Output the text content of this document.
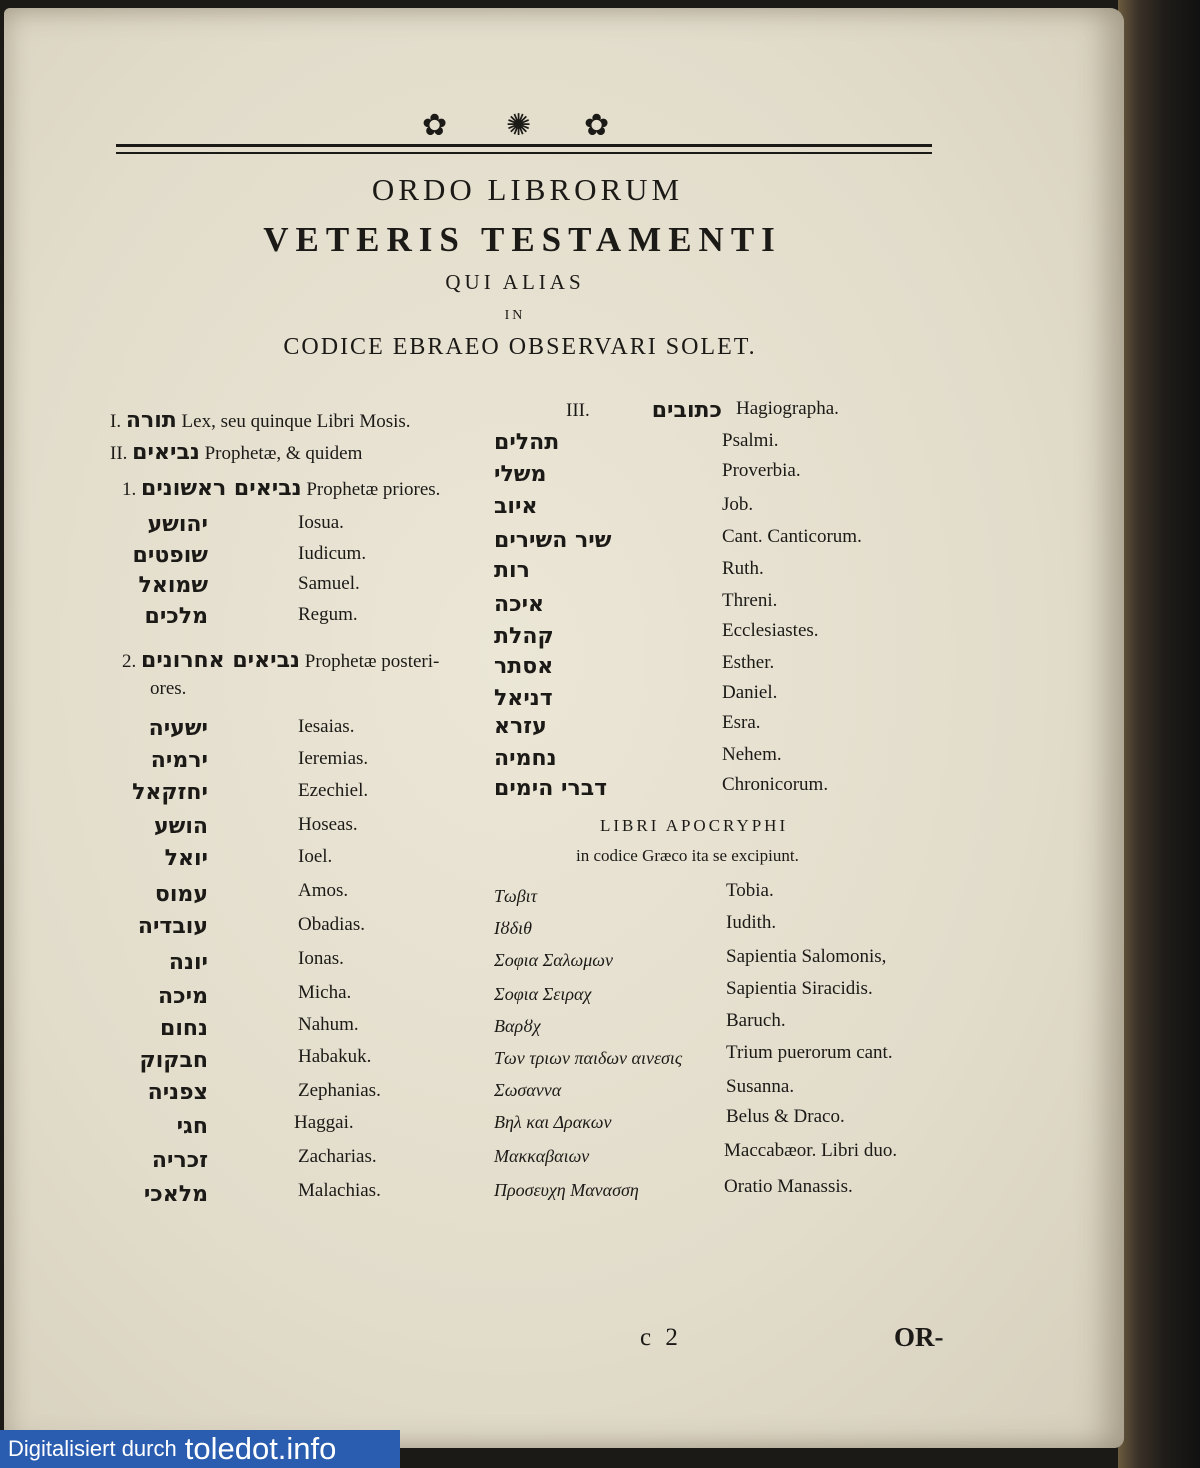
✿ ✺ ✿
ORDO LIBRORUM
VETERIS TESTAMENTI
QUI ALIAS
IN
CODICE EBRAEO OBSERVARI SOLET.
I. תורה Lex, seu quinque Libri Mosis.
II. נביאים Prophetæ, & quidem
1. נביאים ראשונים Prophetæ priores.
יהושע	Iosua.
שופטים	Iudicum.
שמואל	Samuel.
מלכים	Regum.
2. נביאים אחרונים Prophetæ posteri-
ores.
ישעיה	Iesaias.
ירמיה	Ieremias.
יחזקאל	Ezechiel.
הושע	Hoseas.
יואל	Ioel.
עמוס	Amos.
עובדיה	Obadias.
יונה	Ionas.
מיכה	Micha.
נחום	Nahum.
חבקוק	Habakuk.
צפניה	Zephanias.
חגי	Haggai.
זכריה	Zacharias.
מלאכי	Malachias.
III.	כתובים Hagiographa.
תהלים	Psalmi.
משלי	Proverbia.
איוב	Job.
שיר השירים	Cant. Canticorum.
רות	Ruth.
איכה	Threni.
קהלת	Ecclesiastes.
אסתר	Esther.
דניאל	Daniel.
עזרא	Esra.
נחמיה	Nehem.
דברי הימים	Chronicorum.
LIBRI APOCRYPHI
in codice Græco ita se excipiunt.
Τωβιτ	Tobia.
Ιȣδιθ	Iudith.
Σοφια Σαλωμων	Sapientia Salomonis,
Σοφια Σειραχ	Sapientia Siracidis.
Βαρȣχ	Baruch.
Των τριων παιδων αινεσις Trium puerorum cant.
Σωσαννα	Susanna.
Βηλ και Δρακων	Belus & Draco.
Μακκαβαιων	Maccabæor. Libri duo.
Προσευχη Μανασση	Oratio Manassis.
c 2	OR-
Digitalisiert durch toledot.info
